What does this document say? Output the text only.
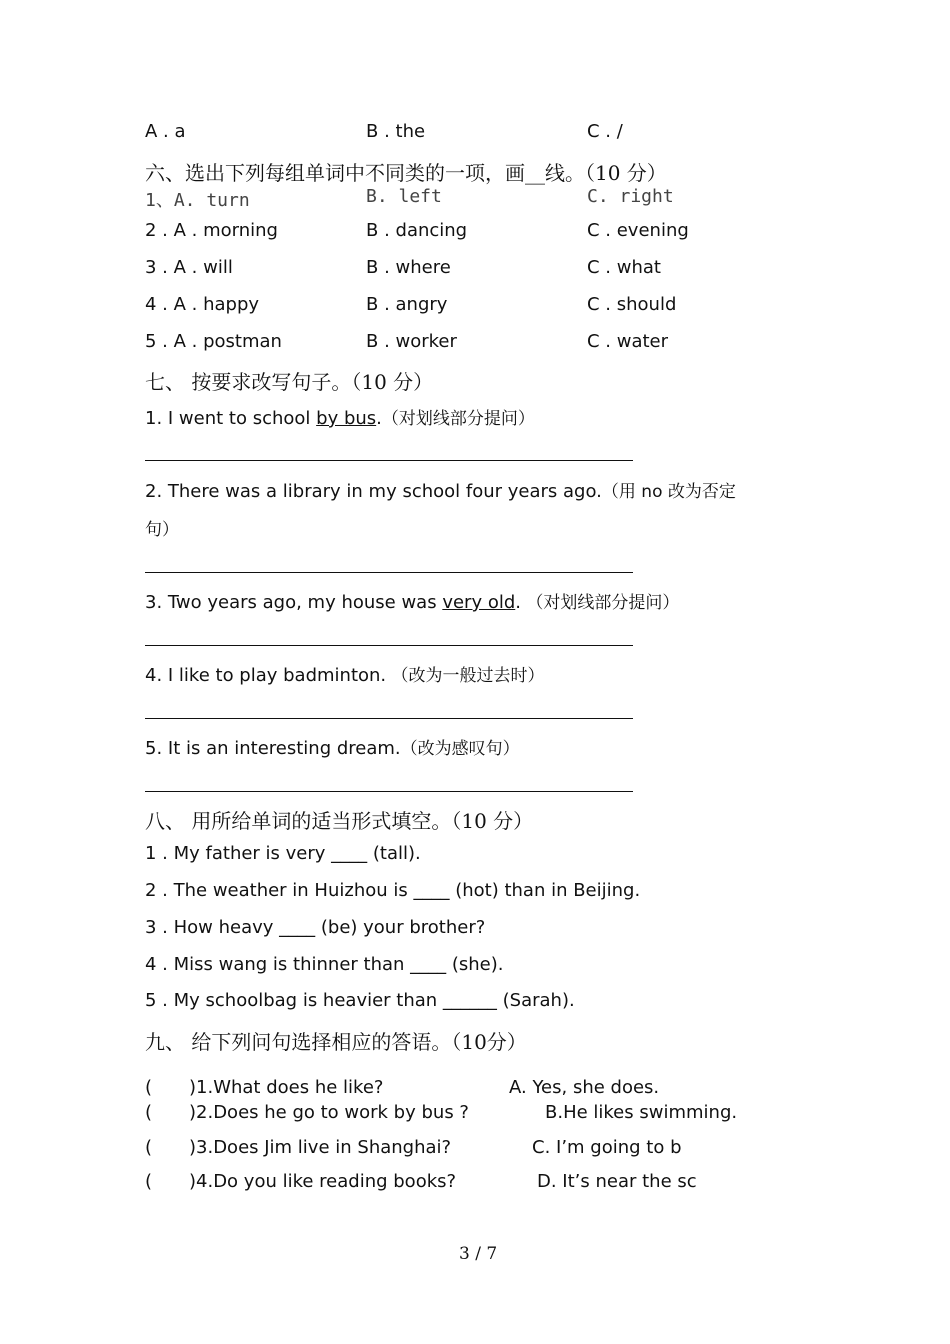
A . a	B . the	C . /
六、选出下列每组单词中不同类的一项，画__线。（10 分）
1、A. turn	B. left	C. right
2 . A . morning	B . dancing	C . evening
3 . A . will	B . where	C . what
4 . A . happy	B . angry	C . should
5 . A . postman	B . worker	C . water
七、 按要求改写句子。（10 分）
1. I went to school by bus.（对划线部分提问）
2. There was a library in my school four years ago.（用 no 改为否定
句）
3. Two years ago, my house was very old. （对划线部分提问）
4. I like to play badminton. （改为一般过去时）
5. It is an interesting dream.（改为感叹句）
八、 用所给单词的适当形式填空。（10 分）
1 . My father is very ____ (tall).
2 . The weather in Huizhou is ____ (hot) than in Beijing.
3 . How heavy ____ (be) your brother?
4 . Miss wang is thinner than ____ (she).
5 . My schoolbag is heavier than ______ (Sarah).
九、 给下列问句选择相应的答语。（10分）
( )1.What does he like?	A. Yes, she does.
( )2.Does he go to work by bus ?	B.He likes swimming.
( )3.Does Jim live in Shanghai?	C. I’m going to b
( )4.Do you like reading books?	D. It’s near the sc
3 / 7
